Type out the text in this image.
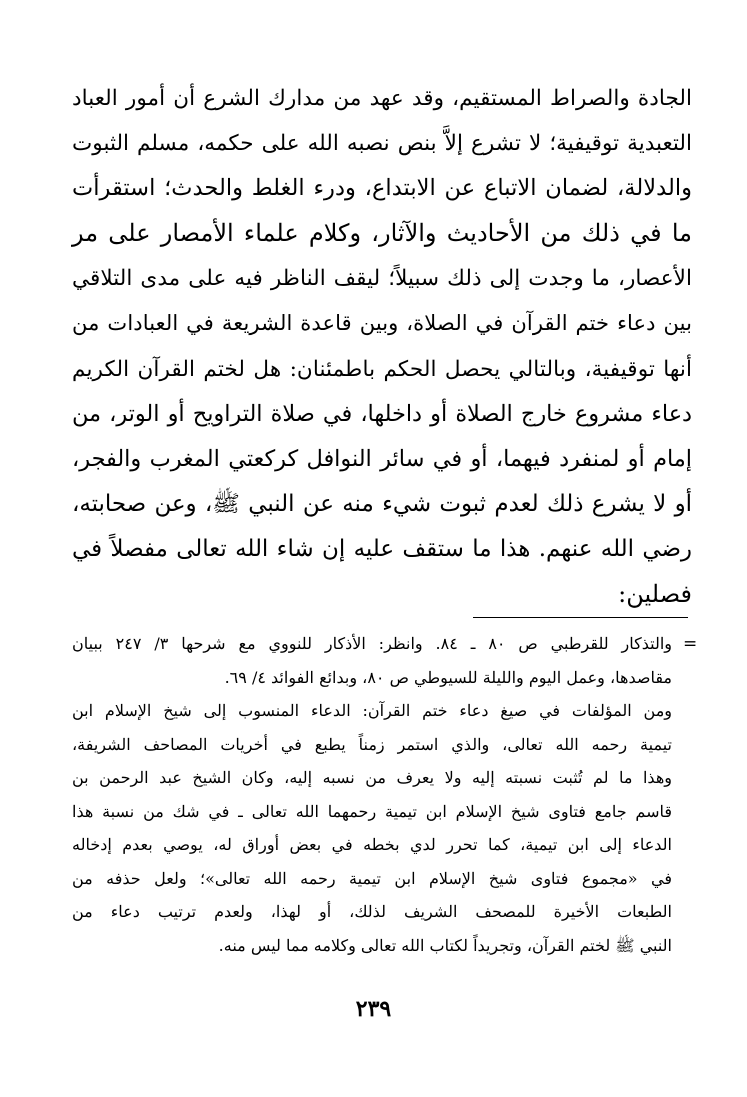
الجادة والصراط المستقيم، وقد عهد من مدارك الشرع أن أمور العباد
التعبدية توقيفية؛ لا تشرع إلاَّ بنص نصبه الله على حكمه، مسلم الثبوت
والدلالة، لضمان الاتباع عن الابتداع، ودرء الغلط والحدث؛ استقرأت
ما في ذلك من الأحاديث والآثار، وكلام علماء الأمصار على مر
الأعصار، ما وجدت إلى ذلك سبيلاً؛ ليقف الناظر فيه على مدى التلاقي
بين دعاء ختم القرآن في الصلاة، وبين قاعدة الشريعة في العبادات من
أنها توقيفية، وبالتالي يحصل الحكم باطمئنان: هل لختم القرآن الكريم
دعاء مشروع خارج الصلاة أو داخلها، في صلاة التراويح أو الوتر، من
إمام أو لمنفرد فيهما، أو في سائر النوافل كركعتي المغرب والفجر،
أو لا يشرع ذلك لعدم ثبوت شيء منه عن النبي ﷺ، وعن صحابته،
رضي الله عنهم. هذا ما ستقف عليه إن شاء الله تعالى مفصلاً في
فصلين:
=
والتذكار للقرطبي ص ٨٠ ـ ٨٤. وانظر: الأذكار للنووي مع شرحها ٣/ ٢٤٧ ببيان
مقاصدها، وعمل اليوم والليلة للسيوطي ص ٨٠، وبدائع الفوائد ٤/ ٦٩.
ومن المؤلفات في صيغ دعاء ختم القرآن: الدعاء المنسوب إلى شيخ الإسلام ابن
تيمية رحمه الله تعالى، والذي استمر زمناً يطبع في أخريات المصاحف الشريفة،
وهذا ما لم تُثبت نسبته إليه ولا يعرف من نسبه إليه، وكان الشيخ عبد الرحمن بن
قاسم جامع فتاوى شيخ الإسلام ابن تيمية رحمهما الله تعالى ـ في شك من نسبة هذا
الدعاء إلى ابن تيمية، كما تحرر لدي بخطه في بعض أوراق له، يوصي بعدم إدخاله
في «مجموع فتاوى شيخ الإسلام ابن تيمية رحمه الله تعالى»؛ ولعل حذفه من
الطبعات الأخيرة للمصحف الشريف لذلك، أو لهذا، ولعدم ترتيب دعاء من
النبي ﷺ لختم القرآن، وتجريداً لكتاب الله تعالى وكلامه مما ليس منه.
٢٣٩
